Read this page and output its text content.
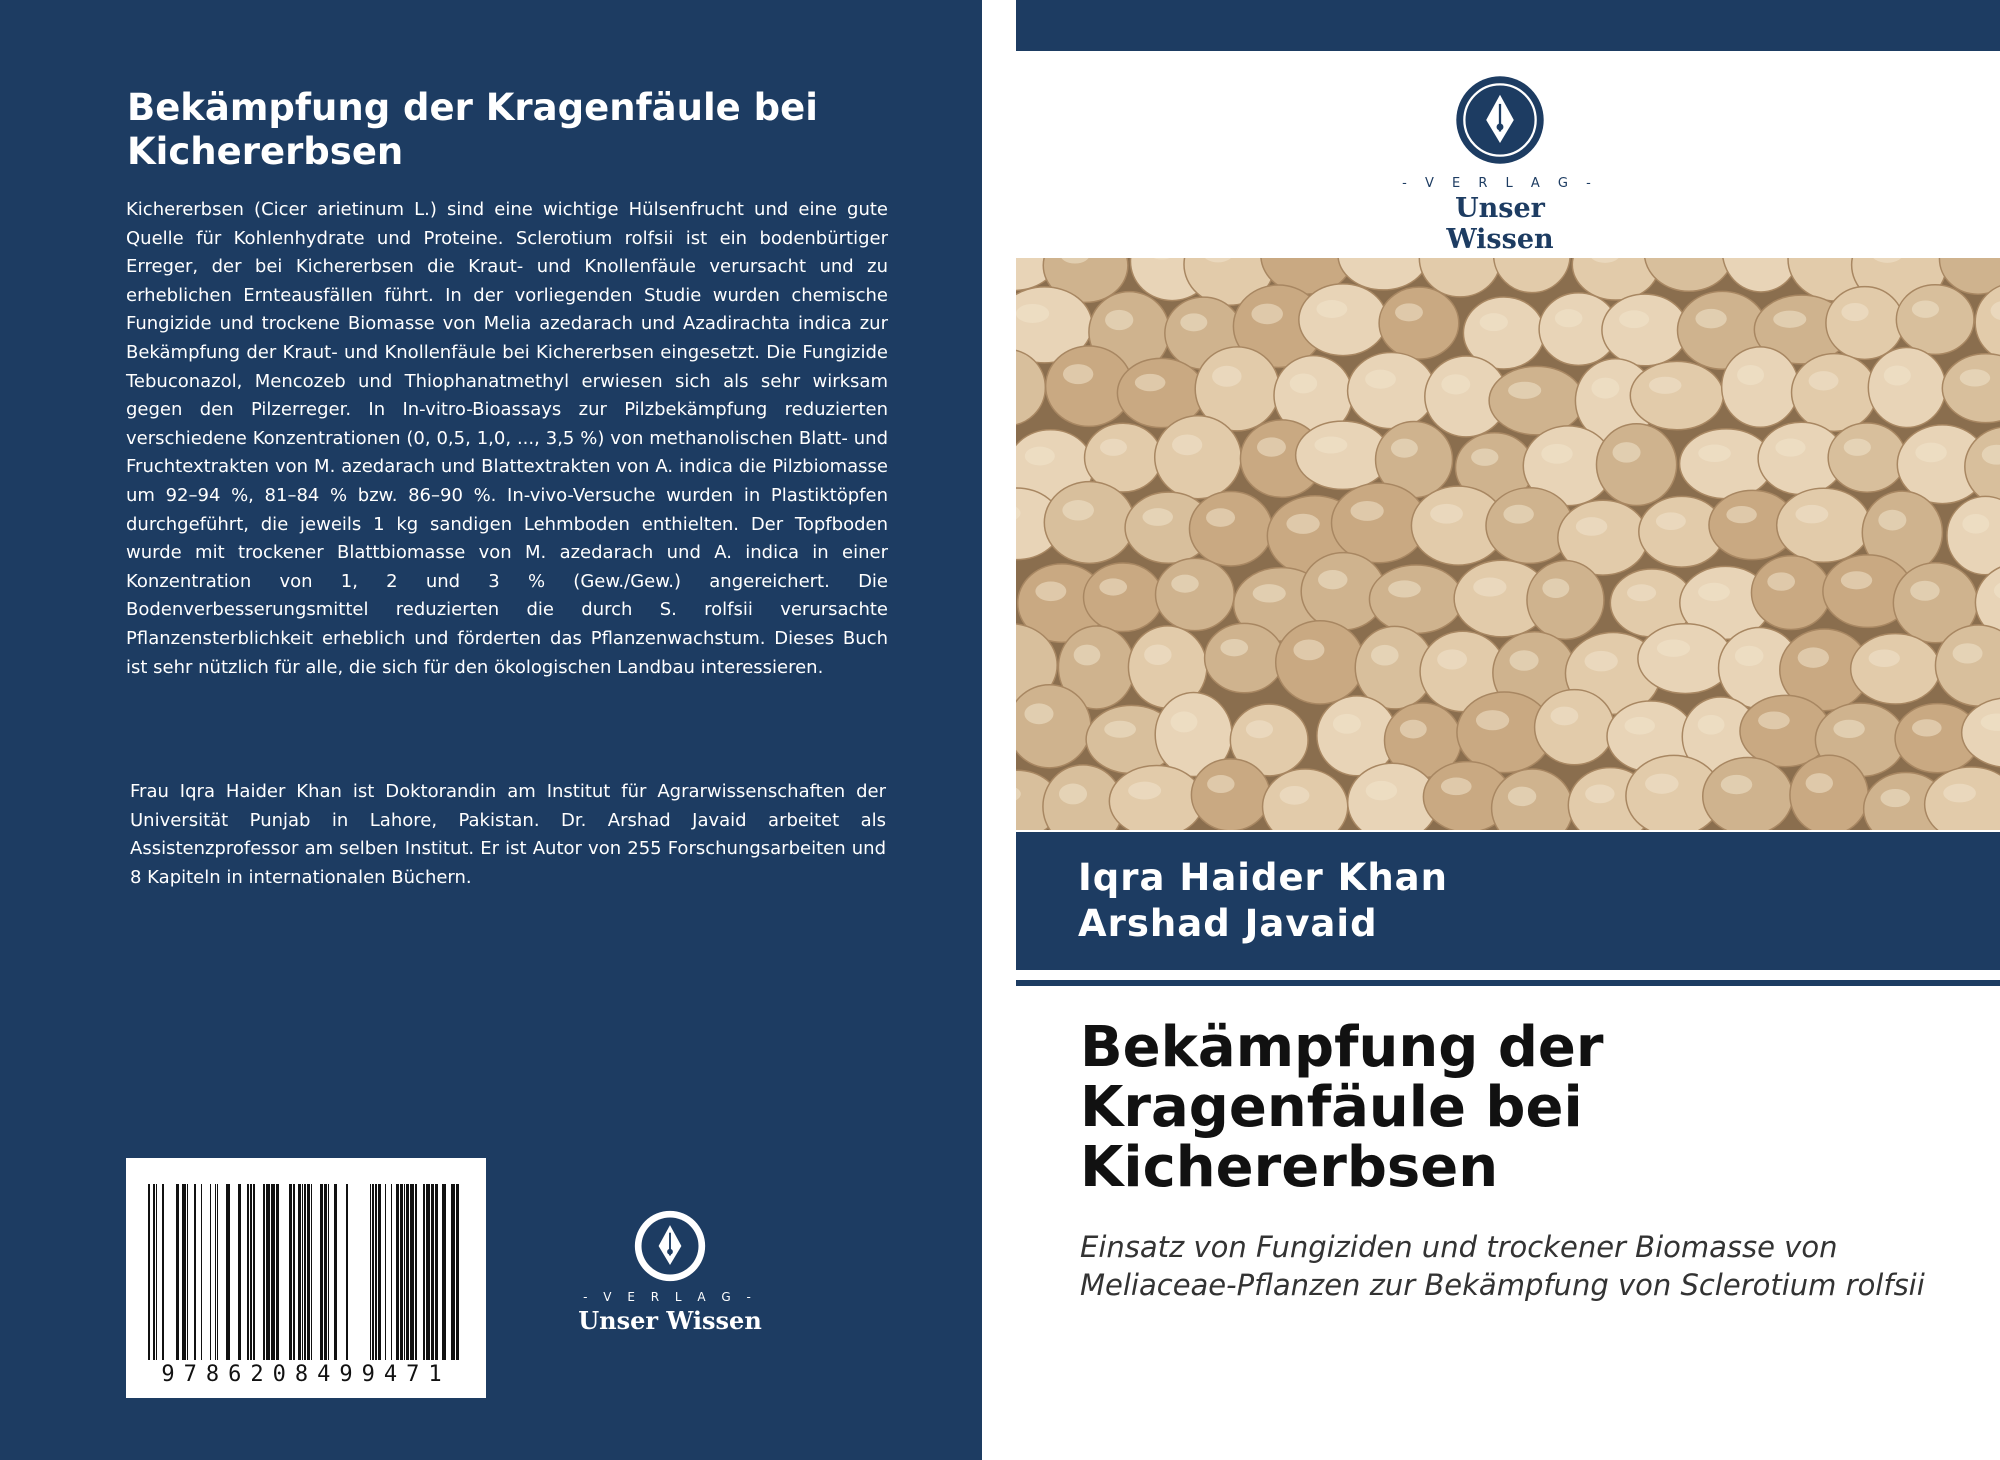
Bekämpfung der Kragenfäule bei Kichererbsen

Kichererbsen (Cicer arietinum L.) sind eine wichtige Hülsenfrucht und eine gute Quelle für Kohlenhydrate und Proteine. Sclerotium rolfsii ist ein bodenbürtiger Erreger, der bei Kichererbsen die Kraut- und Knollenfäule verursacht und zu erheblichen Ernteausfällen führt. In der vorliegenden Studie wurden chemische Fungizide und trockene Biomasse von Melia azedarach und Azadirachta indica zur Bekämpfung der Kraut- und Knollenfäule bei Kichererbsen eingesetzt. Die Fungizide Tebuconazol, Mencozeb und Thiophanatmethyl erwiesen sich als sehr wirksam gegen den Pilzerreger. In In-vitro-Bioassays zur Pilzbekämpfung reduzierten verschiedene Konzentrationen (0, 0,5, 1,0, ..., 3,5 %) von methanolischen Blatt- und Fruchtextrakten von M. azedarach und Blattextrakten von A. indica die Pilzbiomasse um 92–94 %, 81–84 % bzw. 86–90 %. In-vivo-Versuche wurden in Plastiktöpfen durchgeführt, die jeweils 1 kg sandigen Lehmboden enthielten. Der Topfboden wurde mit trockener Blattbiomasse von M. azedarach und A. indica in einer Konzentration von 1, 2 und 3 % (Gew./Gew.) angereichert. Die Bodenverbesserungsmittel reduzierten die durch S. rolfsii verursachte Pflanzensterblichkeit erheblich und förderten das Pflanzenwachstum. Dieses Buch ist sehr nützlich für alle, die sich für den ökologischen Landbau interessieren.

Frau Iqra Haider Khan ist Doktorandin am Institut für Agrarwissenschaften der Universität Punjab in Lahore, Pakistan. Dr. Arshad Javaid arbeitet als Assistenzprofessor am selben Institut. Er ist Autor von 255 Forschungsarbeiten und 8 Kapiteln in internationalen Büchern.

9786208499471
- V E R L A G -
Unser Wissen
- V E R L A G -
Unser Wissen

Iqra Haider Khan

Arshad Javaid

Bekämpfung der Kragenfäule bei Kichererbsen

Einsatz von Fungiziden und trockener Biomasse von Meliaceae-Pflanzen zur Bekämpfung von Sclerotium rolfsii
